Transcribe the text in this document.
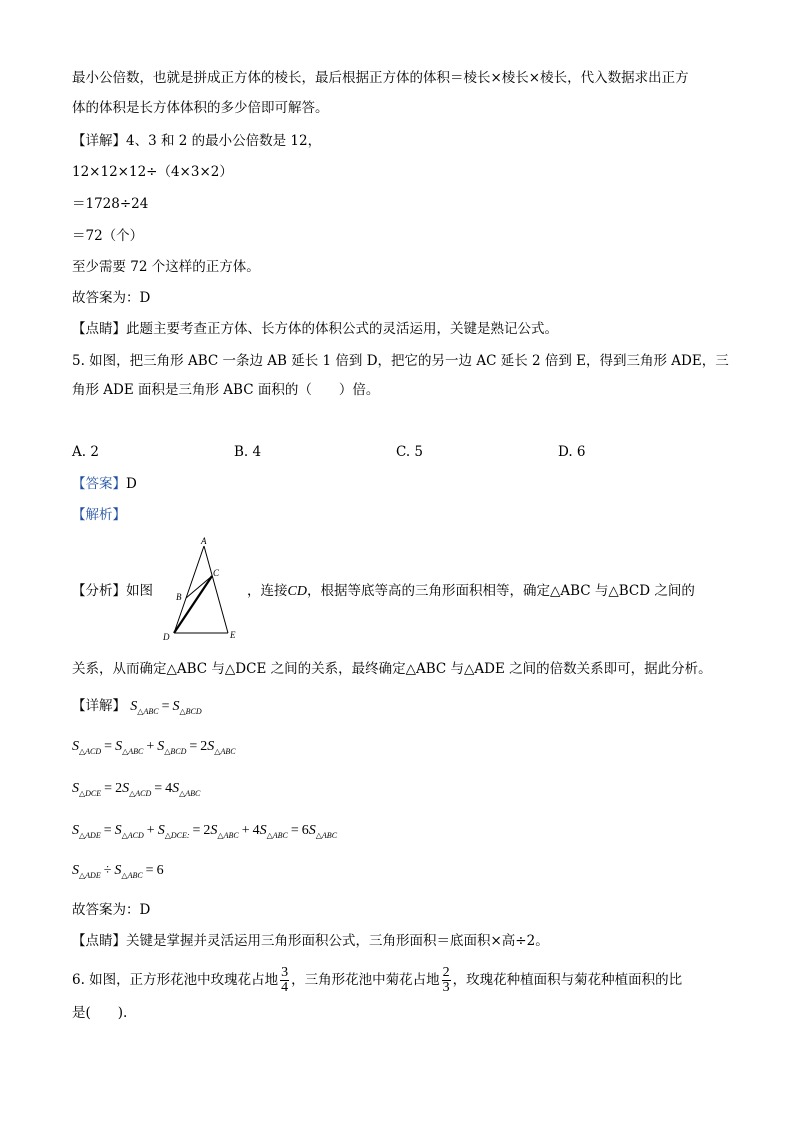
最小公倍数，也就是拼成正方体的棱长，最后根据正方体的体积＝棱长×棱长×棱长，代入数据求出正方
体的体积是长方体体积的多少倍即可解答。
【详解】4、3 和 2 的最小公倍数是 12，
12×12×12÷（4×3×2）
＝1728÷24
＝72（个）
至少需要 72 个这样的正方体。
故答案为：D
【点睛】此题主要考查正方体、长方体的体积公式的灵活运用，关键是熟记公式。
5. 如图，把三角形 ABC 一条边 AB 延长 1 倍到 D，把它的另一边 AC 延长 2 倍到 E，得到三角形 ADE，三
角形 ADE 面积是三角形 ABC 面积的（　　）倍。
A. 2	B. 4	C. 5	D. 6
【答案】D
【解析】
【分析】如图
A
B
C
D	E
，连接CD，根据等底等高的三角形面积相等，确定△ABC 与△BCD 之间的
关系，从而确定△ABC 与△DCE 之间的关系，最终确定△ABC 与△ADE 之间的倍数关系即可，据此分析。
【详解】 $S_{\triangle ABC} = S_{\triangle BCD}$
$S_{\triangle ACD} = S_{\triangle ABC} + S_{\triangle BCD} = 2S_{\triangle ABC}$
$S_{\triangle DCE} = 2S_{\triangle ACD} = 4S_{\triangle ABC}$
$S_{\triangle ADE} = S_{\triangle ACD} + S_{\triangle DCE:} = 2S_{\triangle ABC} + 4S_{\triangle ABC} = 6S_{\triangle ABC}$
$S_{\triangle ADE} \div S_{\triangle ABC} = 6$
故答案为：D
【点睛】关键是掌握并灵活运用三角形面积公式，三角形面积＝底面积×高÷2。
6. 如图，正方形花池中玫瑰花占地 $\frac{3}{4}$ ，三角形花池中菊花占地 $\frac{2}{3}$ ，玫瑰花种植面积与菊花种植面积的比
是(　　).
